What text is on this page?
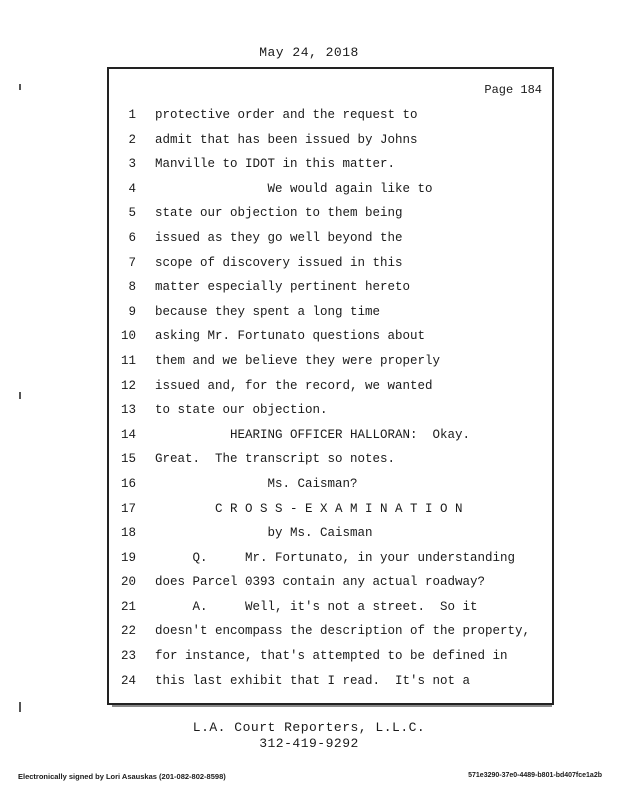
May 24, 2018
Page 184
1 protective order and the request to
2 admit that has been issued by Johns
3 Manville to IDOT in this matter.
4 We would again like to
5 state our objection to them being
6 issued as they go well beyond the
7 scope of discovery issued in this
8 matter especially pertinent hereto
9 because they spent a long time
10 asking Mr. Fortunato questions about
11 them and we believe they were properly
12 issued and, for the record, we wanted
13 to state our objection.
14 HEARING OFFICER HALLORAN:  Okay.
15 Great.  The transcript so notes.
16 Ms. Caisman?
17 C R O S S - E X A M I N A T I O N
18 by Ms. Caisman
19 Q.     Mr. Fortunato, in your understanding
20 does Parcel 0393 contain any actual roadway?
21 A.     Well, it's not a street.  So it
22 doesn't encompass the description of the property,
23 for instance, that's attempted to be defined in
24 this last exhibit that I read.  It's not a
L.A. Court Reporters, L.L.C.
312-419-9292
Electronically signed by Lori Asauskas (201-082-802-8598)	571e3290-37e0-4489-b801-bd407fce1a2b
